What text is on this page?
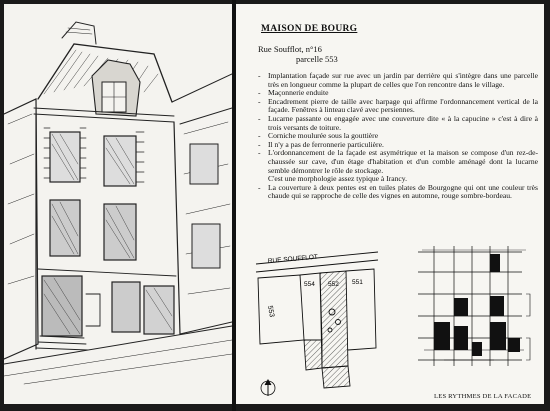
MAISON DE BOURG
Rue Soufflot, n°16
parcelle 553
- Implantation façade sur rue avec un jardin par derrière qui s'intègre dans une parcelle très en longueur comme la plupart de celles que l'on rencontre dans le village.
- Maçonnerie enduite
- Encadrement pierre de taille avec harpage qui affirme l'ordonnancement vertical de la façade. Fenêtres à linteau clavé avec persiennes.
- Lucarne passante ou engagée avec une couverture dite « à la capucine » c'est à dire à trois versants de toiture.
- Corniche moulurée sous la gouttière
- Il n'y a pas de ferronnerie particulière.
- L'ordonnancement de la façade est asymétrique et la maison se compose d'un rez-de-chaussée sur cave, d'un étage d'habitation et d'un comble aménagé dont la lucarne semble démontrer le rôle de stockage.
C'est une morphologie assez typique à Irancy.
- La couverture à deux pentes est en tuiles plates de Bourgogne qui ont une couleur très chaude qui se rapproche de celle des vignes en automne, rouge sombre-bordeau.
RUE SOUFFLOT
553
554 552 551
LES RYTHMES DE LA FACADE
